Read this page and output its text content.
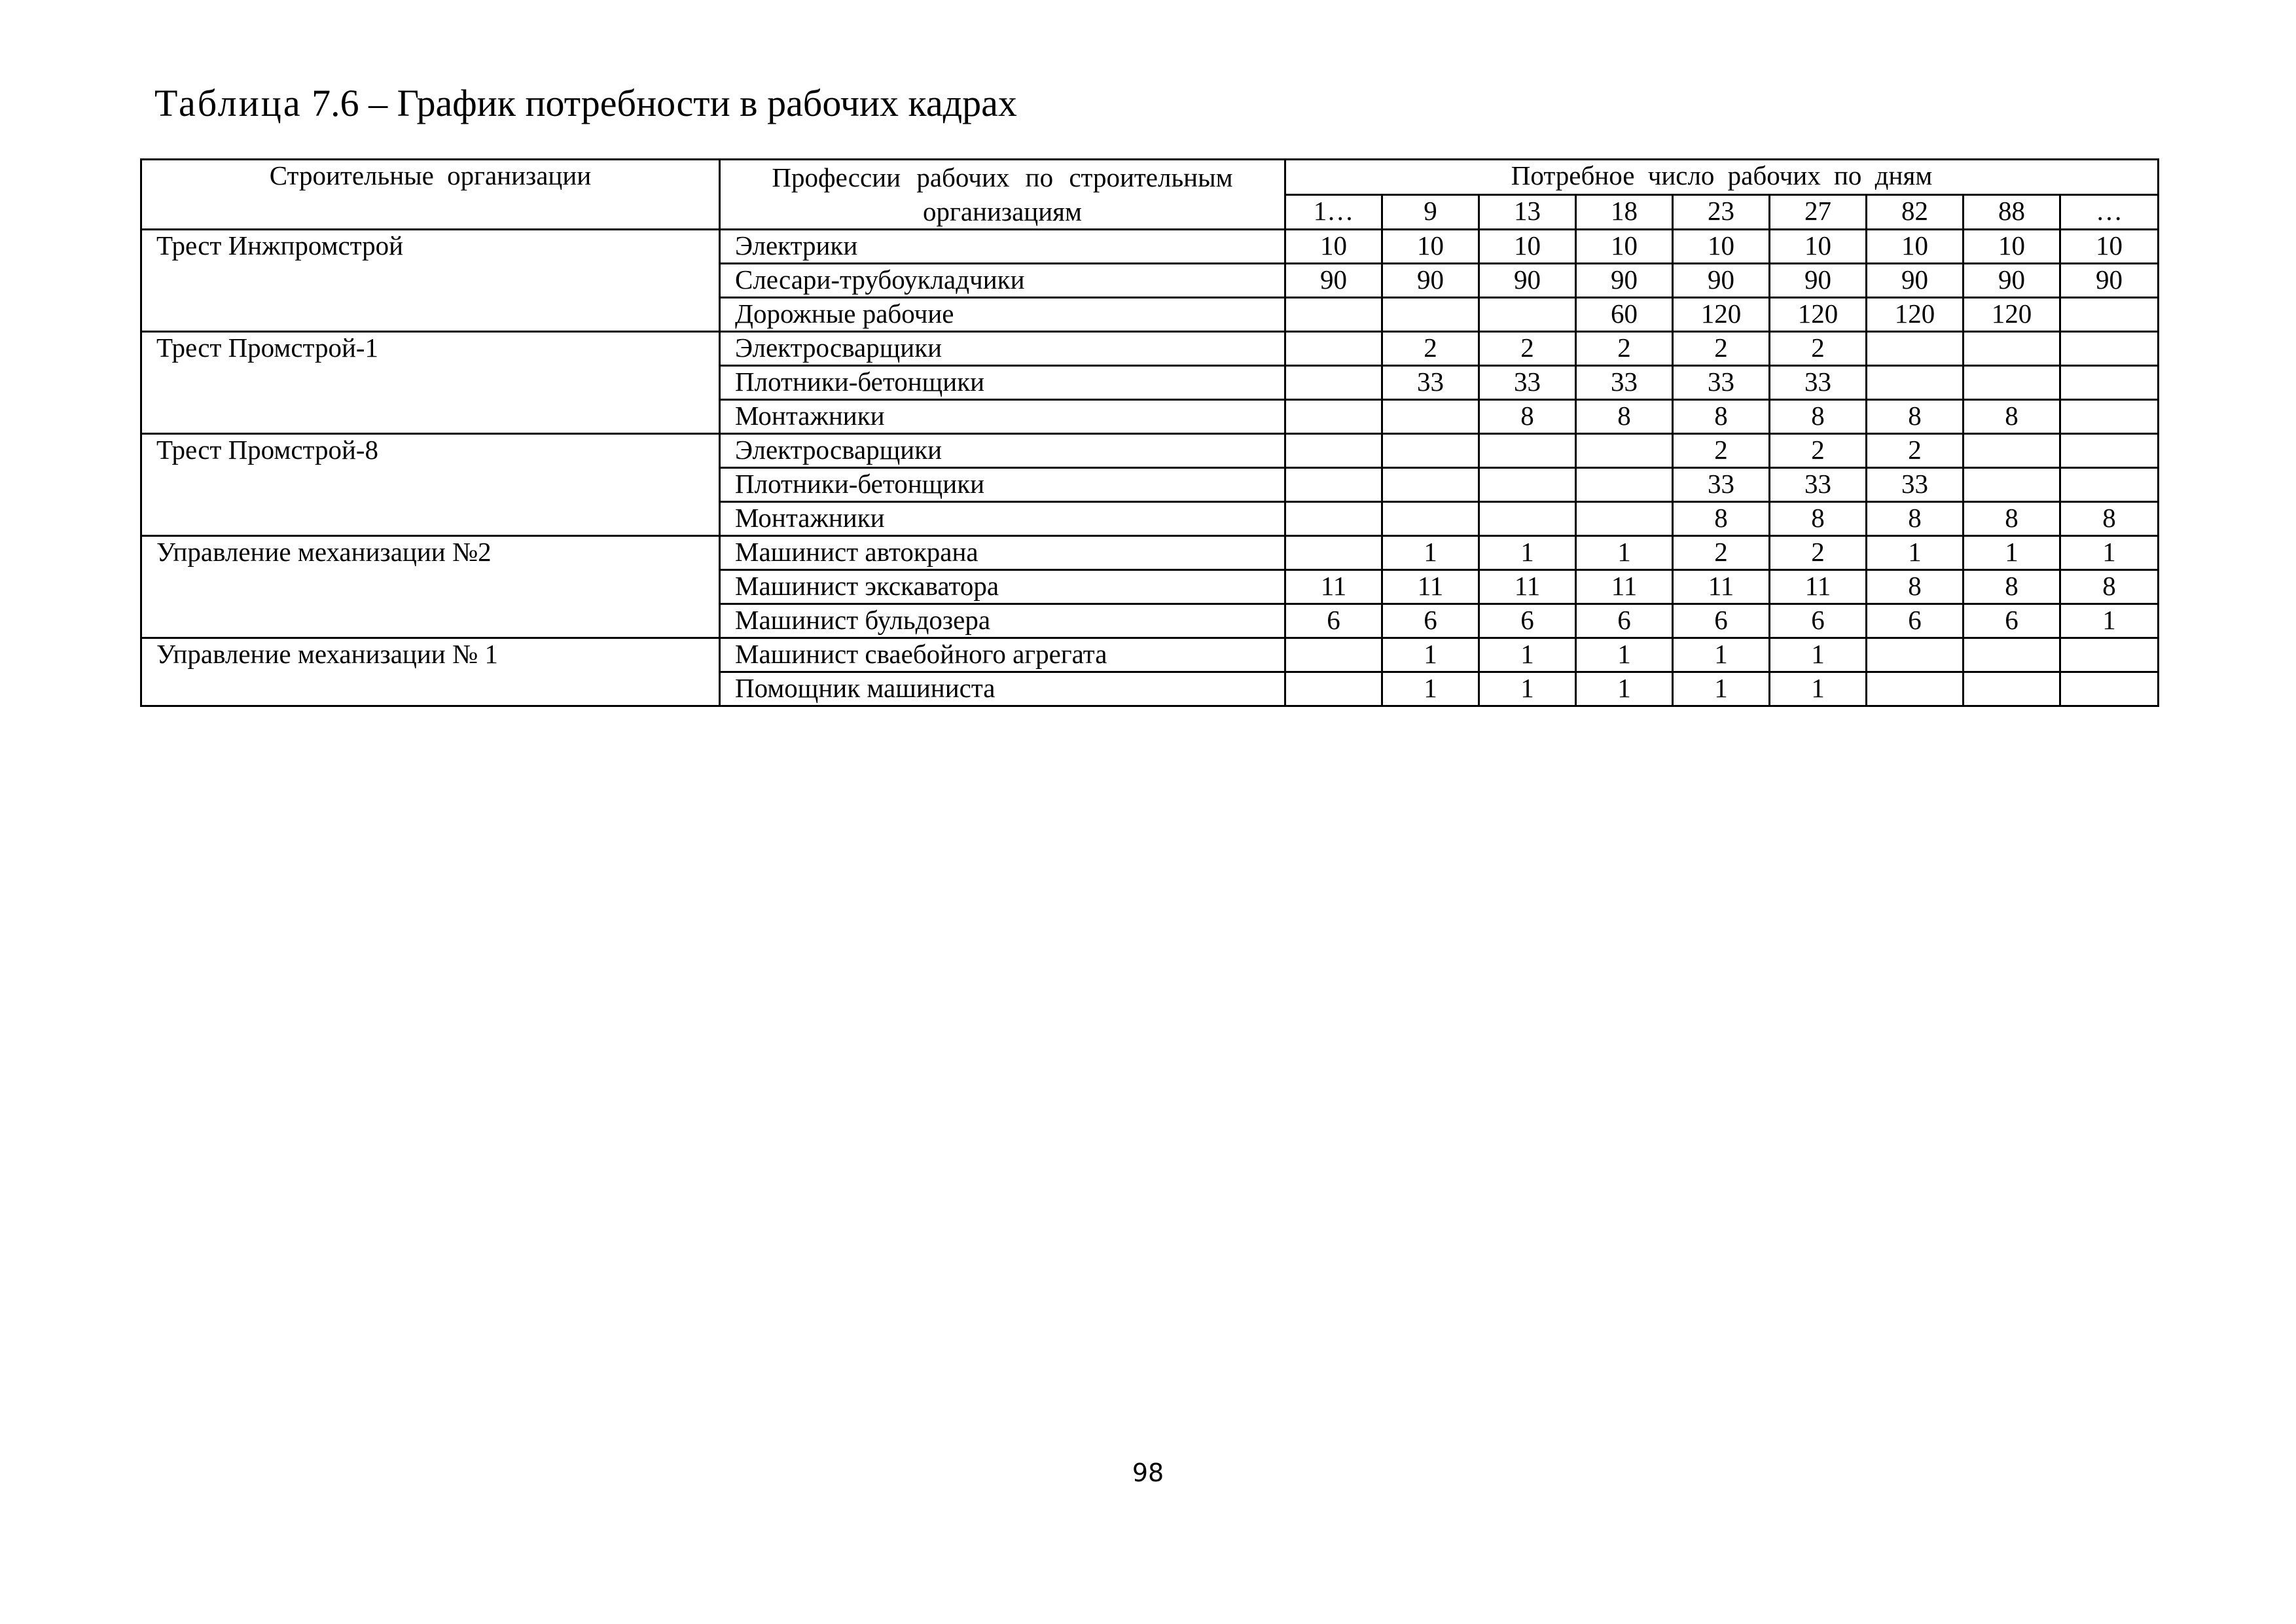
Таблица 7.6 – График потребности в рабочих кадрах
Строительные организации	Профессии рабочих по строительным организациям	Потребное число рабочих по дням								
		1…	9	13	18	23	27	82	88	…
Трест Инжпромстрой	Электрики	10	10	10	10	10	10	10	10	10
	Слесари-трубоукладчики	90	90	90	90	90	90	90	90	90
	Дорожные рабочие				60	120	120	120	120	
Трест Промстрой-1	Электросварщики		2	2	2	2	2			
	Плотники-бетонщики		33	33	33	33	33			
	Монтажники			8	8	8	8	8	8	
Трест Промстрой-8	Электросварщики					2	2	2		
	Плотники-бетонщики					33	33	33		
	Монтажники					8	8	8	8	8
Управление механизации №2	Машинист автокрана		1	1	1	2	2	1	1	1
	Машинист экскаватора	11	11	11	11	11	11	8	8	8
	Машинист бульдозера	6	6	6	6	6	6	6	6	1
Управление механизации № 1	Машинист сваебойного агрегата		1	1	1	1	1			
	Помощник машиниста		1	1	1	1	1			
98
